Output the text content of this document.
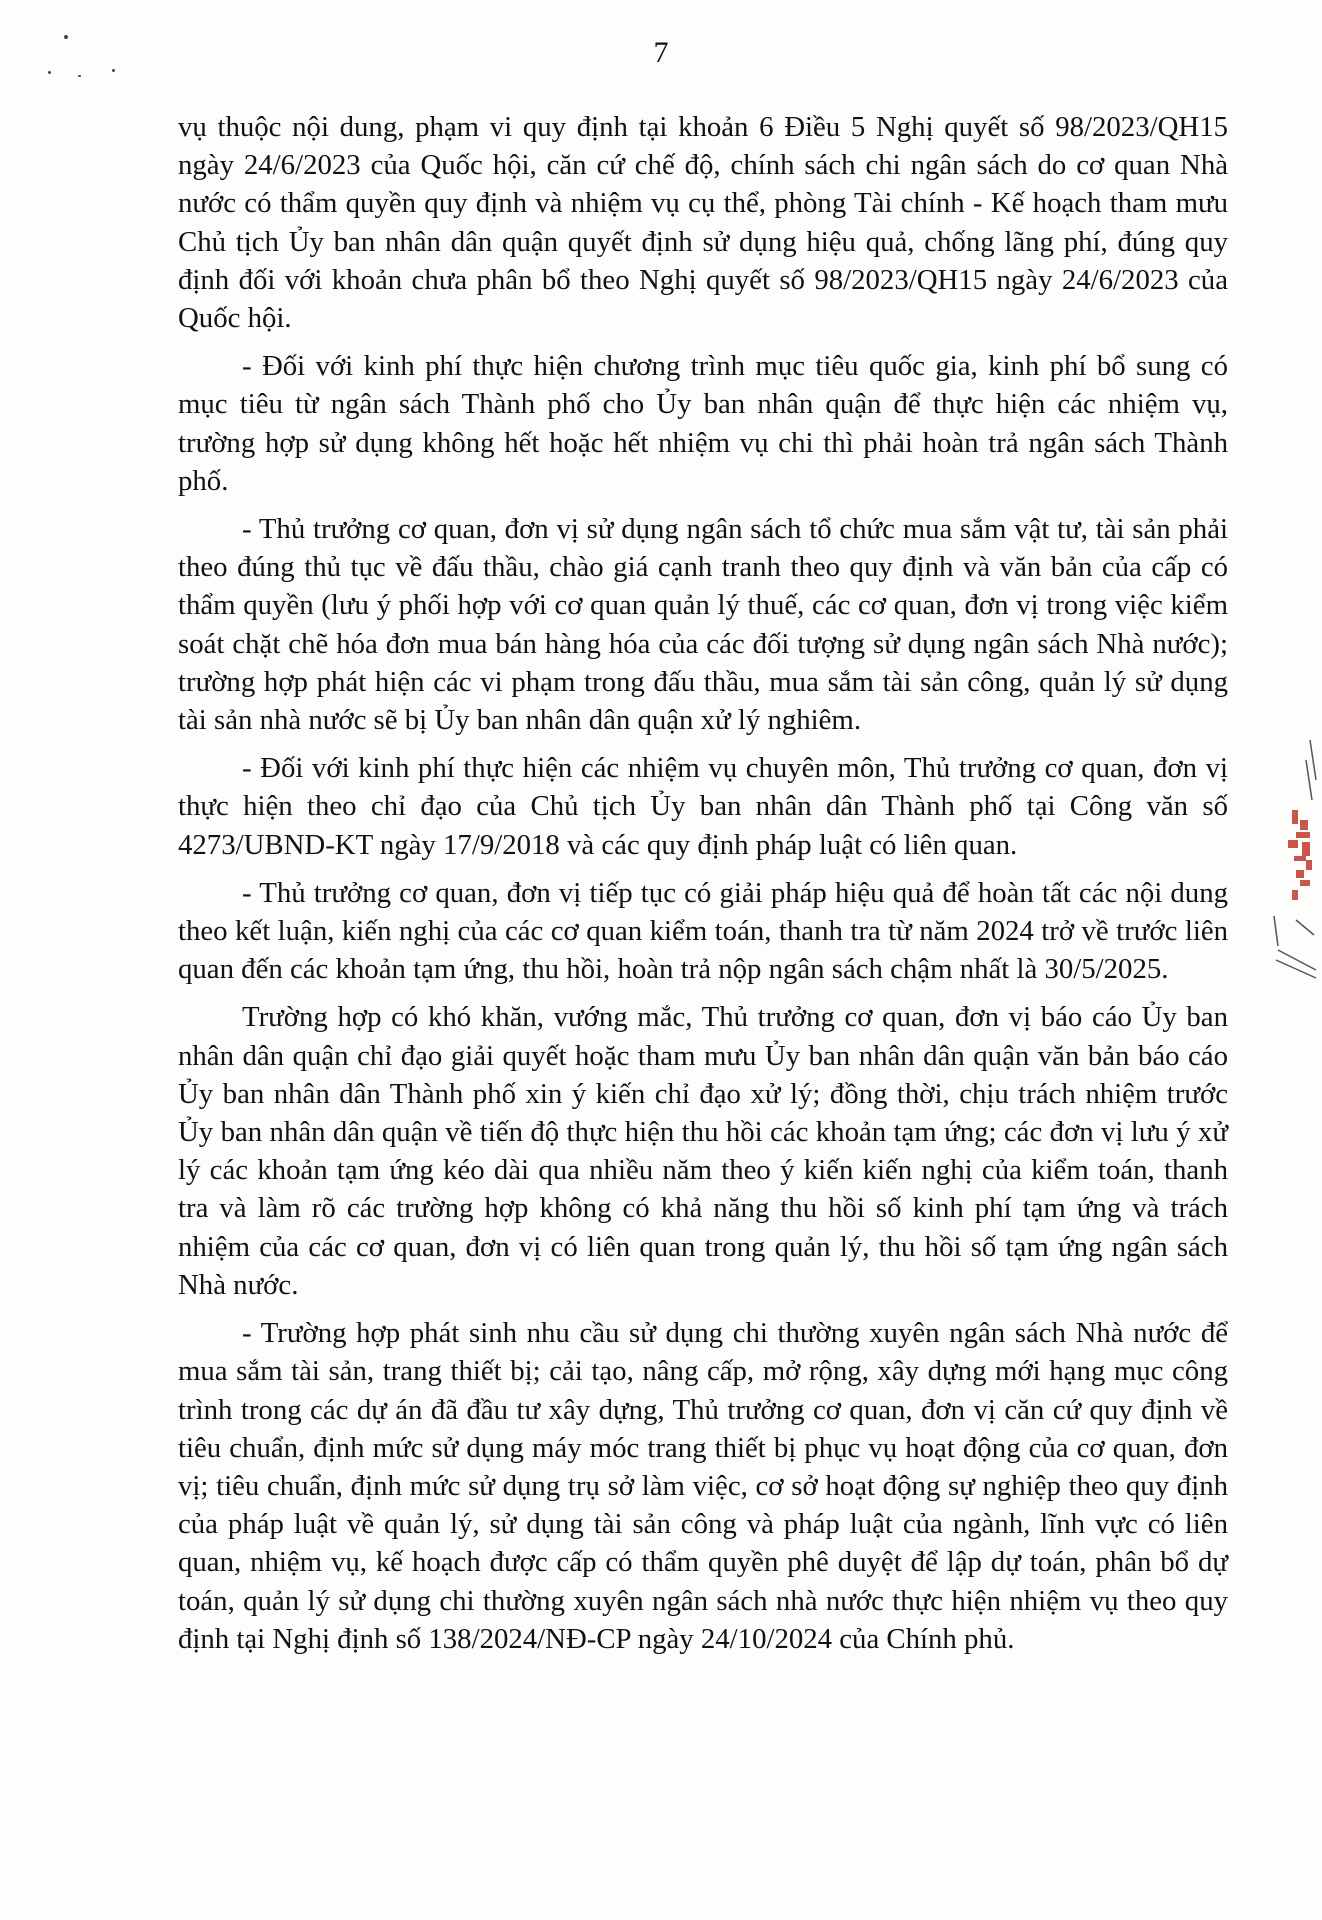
7

vụ thuộc nội dung, phạm vi quy định tại khoản 6 Điều 5 Nghị quyết số 98/2023/QH15 ngày 24/6/2023 của Quốc hội, căn cứ chế độ, chính sách chi ngân sách do cơ quan Nhà nước có thẩm quyền quy định và nhiệm vụ cụ thể, phòng Tài chính - Kế hoạch tham mưu Chủ tịch Ủy ban nhân dân quận quyết định sử dụng hiệu quả, chống lãng phí, đúng quy định đối với khoản chưa phân bổ theo Nghị quyết số 98/2023/QH15 ngày 24/6/2023 của Quốc hội.

- Đối với kinh phí thực hiện chương trình mục tiêu quốc gia, kinh phí bổ sung có mục tiêu từ ngân sách Thành phố cho Ủy ban nhân quận để thực hiện các nhiệm vụ, trường hợp sử dụng không hết hoặc hết nhiệm vụ chi thì phải hoàn trả ngân sách Thành phố.

- Thủ trưởng cơ quan, đơn vị sử dụng ngân sách tổ chức mua sắm vật tư, tài sản phải theo đúng thủ tục về đấu thầu, chào giá cạnh tranh theo quy định và văn bản của cấp có thẩm quyền (lưu ý phối hợp với cơ quan quản lý thuế, các cơ quan, đơn vị trong việc kiểm soát chặt chẽ hóa đơn mua bán hàng hóa của các đối tượng sử dụng ngân sách Nhà nước); trường hợp phát hiện các vi phạm trong đấu thầu, mua sắm tài sản công, quản lý sử dụng tài sản nhà nước sẽ bị Ủy ban nhân dân quận xử lý nghiêm.

- Đối với kinh phí thực hiện các nhiệm vụ chuyên môn, Thủ trưởng cơ quan, đơn vị thực hiện theo chỉ đạo của Chủ tịch Ủy ban nhân dân Thành phố tại Công văn số 4273/UBND-KT ngày 17/9/2018 và các quy định pháp luật có liên quan.

- Thủ trưởng cơ quan, đơn vị tiếp tục có giải pháp hiệu quả để hoàn tất các nội dung theo kết luận, kiến nghị của các cơ quan kiểm toán, thanh tra từ năm 2024 trở về trước liên quan đến các khoản tạm ứng, thu hồi, hoàn trả nộp ngân sách chậm nhất là 30/5/2025.

Trường hợp có khó khăn, vướng mắc, Thủ trưởng cơ quan, đơn vị báo cáo Ủy ban nhân dân quận chỉ đạo giải quyết hoặc tham mưu Ủy ban nhân dân quận văn bản báo cáo Ủy ban nhân dân Thành phố xin ý kiến chỉ đạo xử lý; đồng thời, chịu trách nhiệm trước Ủy ban nhân dân quận về tiến độ thực hiện thu hồi các khoản tạm ứng; các đơn vị lưu ý xử lý các khoản tạm ứng kéo dài qua nhiều năm theo ý kiến kiến nghị của kiểm toán, thanh tra và làm rõ các trường hợp không có khả năng thu hồi số kinh phí tạm ứng và trách nhiệm của các cơ quan, đơn vị có liên quan trong quản lý, thu hồi số tạm ứng ngân sách Nhà nước.

- Trường hợp phát sinh nhu cầu sử dụng chi thường xuyên ngân sách Nhà nước để mua sắm tài sản, trang thiết bị; cải tạo, nâng cấp, mở rộng, xây dựng mới hạng mục công trình trong các dự án đã đầu tư xây dựng, Thủ trưởng cơ quan, đơn vị căn cứ quy định về tiêu chuẩn, định mức sử dụng máy móc trang thiết bị phục vụ hoạt động của cơ quan, đơn vị; tiêu chuẩn, định mức sử dụng trụ sở làm việc, cơ sở hoạt động sự nghiệp theo quy định của pháp luật về quản lý, sử dụng tài sản công và pháp luật của ngành, lĩnh vực có liên quan, nhiệm vụ, kế hoạch được cấp có thẩm quyền phê duyệt để lập dự toán, phân bổ dự toán, quản lý sử dụng chi thường xuyên ngân sách nhà nước thực hiện nhiệm vụ theo quy định tại Nghị định số 138/2024/NĐ-CP ngày 24/10/2024 của Chính phủ.
